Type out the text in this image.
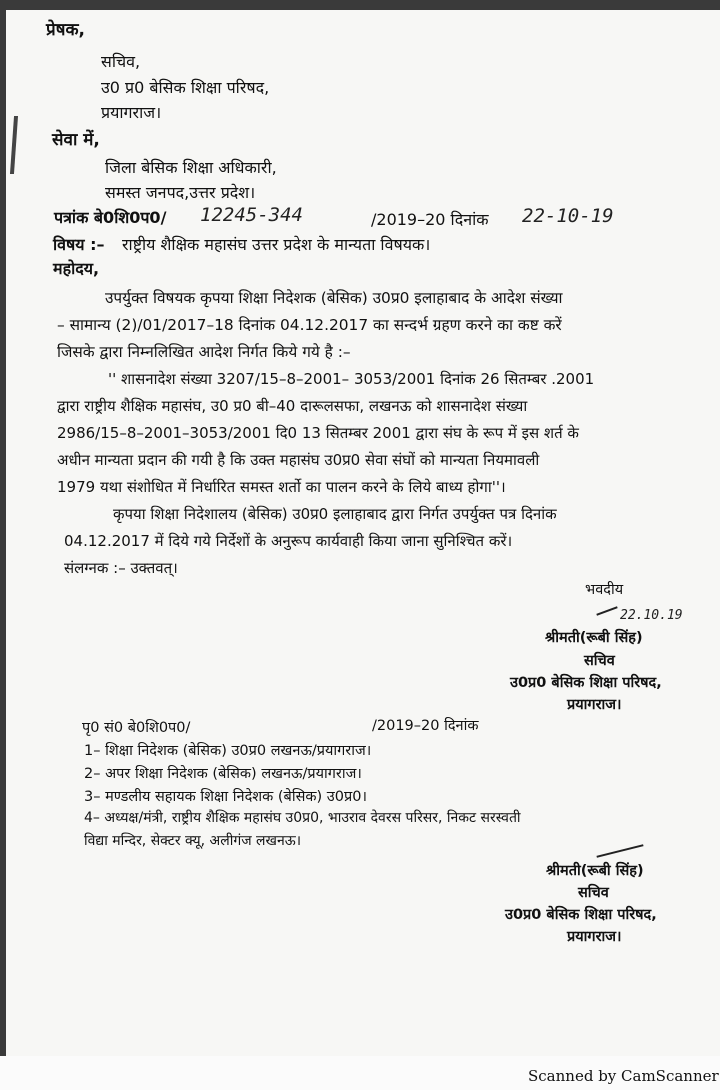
प्रेषक,
सचिव,
उ0 प्र0 बेसिक शिक्षा परिषद,
प्रयागराज।
सेवा में,
जिला बेसिक शिक्षा अधिकारी,
समस्त जनपद,उत्तर प्रदेश।
पत्रांक बे0शि0प0/ 12245-344	/2019–20 दिनांक 22-10-19
विषय :– राष्ट्रीय शैक्षिक महासंघ उत्तर प्रदेश के मान्यता विषयक।
महोदय,
उपर्युक्त विषयक कृपया शिक्षा निदेशक (बेसिक) उ0प्र0 इलाहाबाद के आदेश संख्या
– सामान्य (2)/01/2017–18 दिनांक 04.12.2017 का सन्दर्भ ग्रहण करने का कष्ट करें
जिसके द्वारा निम्नलिखित आदेश निर्गत किये गये है :–
'' शासनादेश संख्या 3207/15–8–2001– 3053/2001 दिनांक 26 सितम्बर .2001
द्वारा राष्ट्रीय शैक्षिक महासंघ, उ0 प्र0 बी–40 दारूलसफा, लखनऊ को शासनादेश संख्या
2986/15–8–2001–3053/2001 दि0 13 सितम्बर 2001 द्वारा संघ के रूप में इस शर्त के
अधीन मान्यता प्रदान की गयी है कि उक्त महासंघ उ0प्र0 सेवा संघों को मान्यता नियमावली
1979 यथा संशोधित में निर्धारित समस्त शर्तो का पालन करने के लिये बाध्य होगा''।
कृपया शिक्षा निदेशालय (बेसिक) उ0प्र0 इलाहाबाद द्वारा निर्गत उपर्युक्त पत्र दिनांक
04.12.2017 में दिये गये निर्देशों के अनुरूप कार्यवाही किया जाना सुनिश्चित करें।
संलग्नक :– उक्तवत्।
भवदीय
22.10.19
श्रीमती(रूबी सिंह)
सचिव
उ0प्र0 बेसिक शिक्षा परिषद,
प्रयागराज।
पृ0 सं0 बे0शि0प0/	/2019–20 दिनांक
1– शिक्षा निदेशक (बेसिक) उ0प्र0 लखनऊ/प्रयागराज।
2– अपर शिक्षा निदेशक (बेसिक) लखनऊ/प्रयागराज।
3– मण्डलीय सहायक शिक्षा निदेशक (बेसिक) उ0प्र0।
4– अध्यक्ष/मंत्री, राष्ट्रीय शैक्षिक महासंघ उ0प्र0, भाउराव देवरस परिसर, निकट सरस्वती
विद्या मन्दिर, सेक्टर क्यू, अलीगंज लखनऊ।
श्रीमती(रूबी सिंह)
सचिव
उ0प्र0 बेसिक शिक्षा परिषद,
प्रयागराज।
Scanned by CamScanner
